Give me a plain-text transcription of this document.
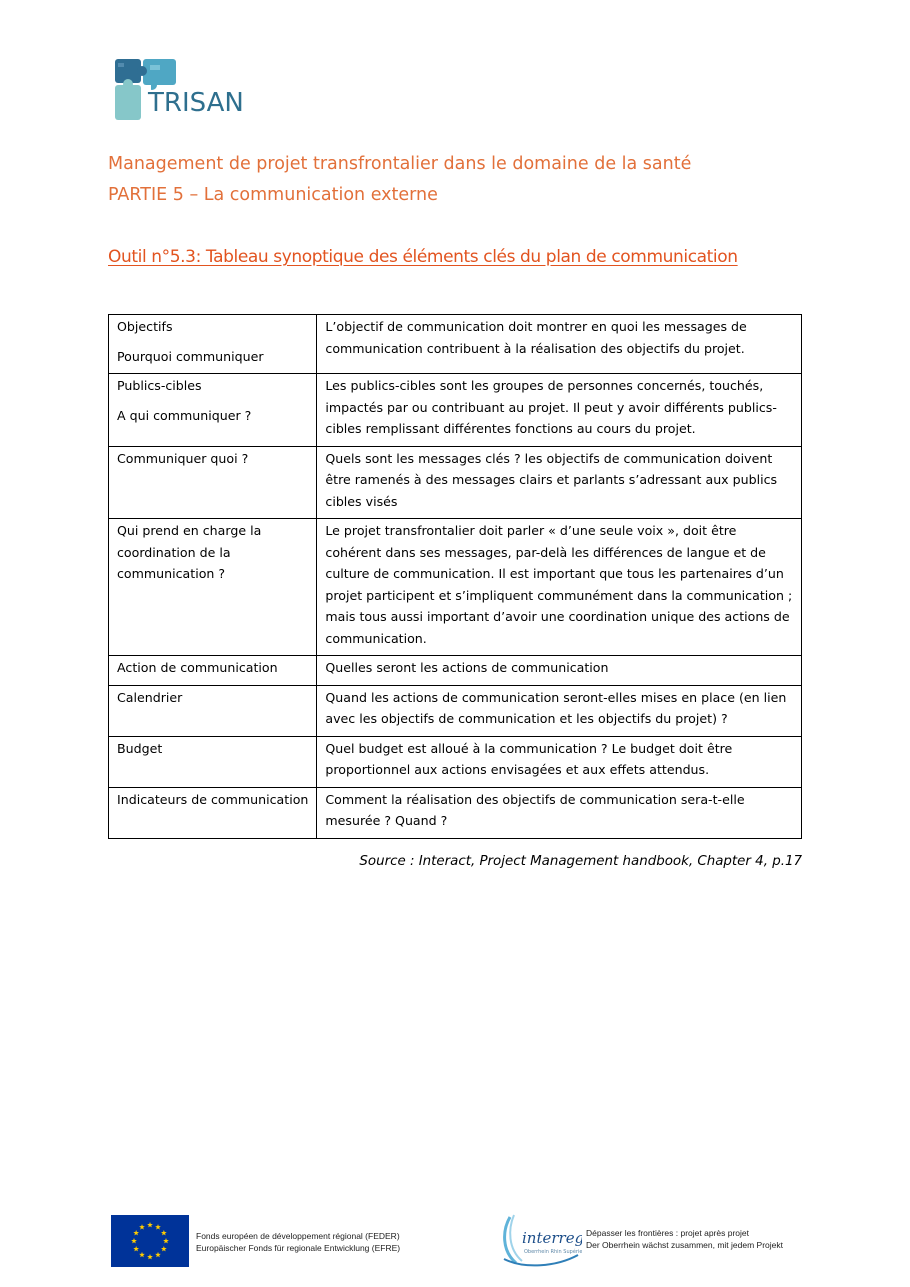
TRISAN
Management de projet transfrontalier dans le domaine de la santé
PARTIE 5 – La communication externe
Outil n°5.3: Tableau synoptique des éléments clés du plan de communication
Objectifs
Pourquoi communiquer	L’objectif de communication doit montrer en quoi les messages de communication contribuent à la réalisation des objectifs du projet.
Publics-cibles
A qui communiquer ?	Les publics-cibles sont les groupes de personnes concernés, touchés, impactés par ou contribuant au projet. Il peut y avoir différents publics-cibles remplissant différentes fonctions au cours du projet.
Communiquer quoi ?	Quels sont les messages clés ? les objectifs de communication doivent être ramenés à des messages clairs et parlants s’adressant aux publics cibles visés
Qui prend en charge la coordination de la communication ?	Le projet transfrontalier doit parler « d’une seule voix », doit être cohérent dans ses messages, par-delà les différences de langue et de culture de communication. Il est important que tous les partenaires d’un projet participent et s’impliquent communément dans la communication ; mais tous aussi important d’avoir une coordination unique des actions de communication.
Action de communication	Quelles seront les actions de communication
Calendrier	Quand les actions de communication seront-elles mises en place (en lien avec les objectifs de communication et les objectifs du projet) ?
Budget	Quel budget est alloué à la communication ? Le budget doit être proportionnel aux actions envisagées et aux effets attendus.
Indicateurs de communication	Comment la réalisation des objectifs de communication sera-t-elle mesurée ? Quand ?
Source : Interact, Project Management handbook, Chapter 4, p.17
Fonds européen de développement régional (FEDER)
Europäischer Fonds für regionale Entwicklung (EFRE)
interreg
Oberrhein Rhin Supérieur
Dépasser les frontières : projet après projet
Der Oberrhein wächst zusammen, mit jedem Projekt
